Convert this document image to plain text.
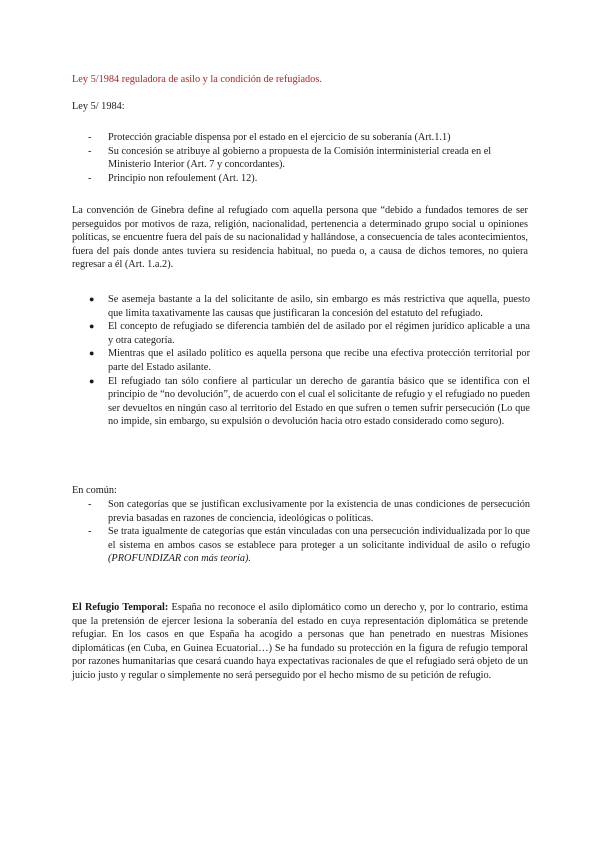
Ley 5/1984 reguladora de asilo y la condición de refugiados.

Ley 5/ 1984:

- Protección graciable dispensa por el estado en el ejercicio de su soberanía (Art.1.1)
- Su concesión se atribuye al gobierno a propuesta de la Comisión interministerial creada en el Ministerio Interior (Art. 7 y concordantes).
- Principio non refoulement (Art. 12).

La convención de Ginebra define al refugiado com aquella persona que “debido a fundados temores de ser perseguidos por motivos de raza, religión, nacionalidad, pertenencia a determinado grupo social u opiniones políticas, se encuentre fuera del país de su nacionalidad y hallándose, a consecuencia de tales acontecimientos, fuera del país donde antes tuviera su residencia habitual, no pueda o, a causa de dichos temores, no quiera regresar a él (Art. 1.a.2).

● Se asemeja bastante a la del solicitante de asilo, sin embargo es más restrictiva que aquella, puesto que limita taxativamente las causas que justificaran la concesión del estatuto del refugiado.
● El concepto de refugiado se diferencia también del de asilado por el régimen jurídico aplicable a una y otra categoría.
● Mientras que el asilado político es aquella persona que recibe una efectiva protección territorial por parte del Estado asilante.
● El refugiado tan sólo confiere al particular un derecho de garantía básico que se identifica con el principio de “no devolución”, de acuerdo con el cual el solicitante de refugio y el refugiado no pueden ser devueltos en ningún caso al territorio del Estado en que sufren o temen sufrir persecución (Lo que no impide, sin embargo, su expulsión o devolución hacia otro estado considerado como seguro).

En común:

- Son categorías que se justifican exclusivamente por la existencia de unas condiciones de persecución previa basadas en razones de conciencia, ideológicas o políticas.
- Se trata igualmente de categorías que están vinculadas con una persecución individualizada por lo que el sistema en ambos casos se establece para proteger a un solicitante individual de asilo o refugio (PROFUNDIZAR con más teoría).

El Refugio Temporal: España no reconoce el asilo diplomático como un derecho y, por lo contrario, estima que la pretensión de ejercer lesiona la soberanía del estado en cuya representación diplomática se pretende refugiar. En los casos en que España ha acogido a personas que han penetrado en nuestras Misiones diplomáticas (en Cuba, en Guinea Ecuatorial…) Se ha fundado su protección en la figura de refugio temporal por razones humanitarias que cesará cuando haya expectativas racionales de que el refugiado será objeto de un juicio justo y regular o simplemente no será perseguido por el hecho mismo de su petición de refugio.
